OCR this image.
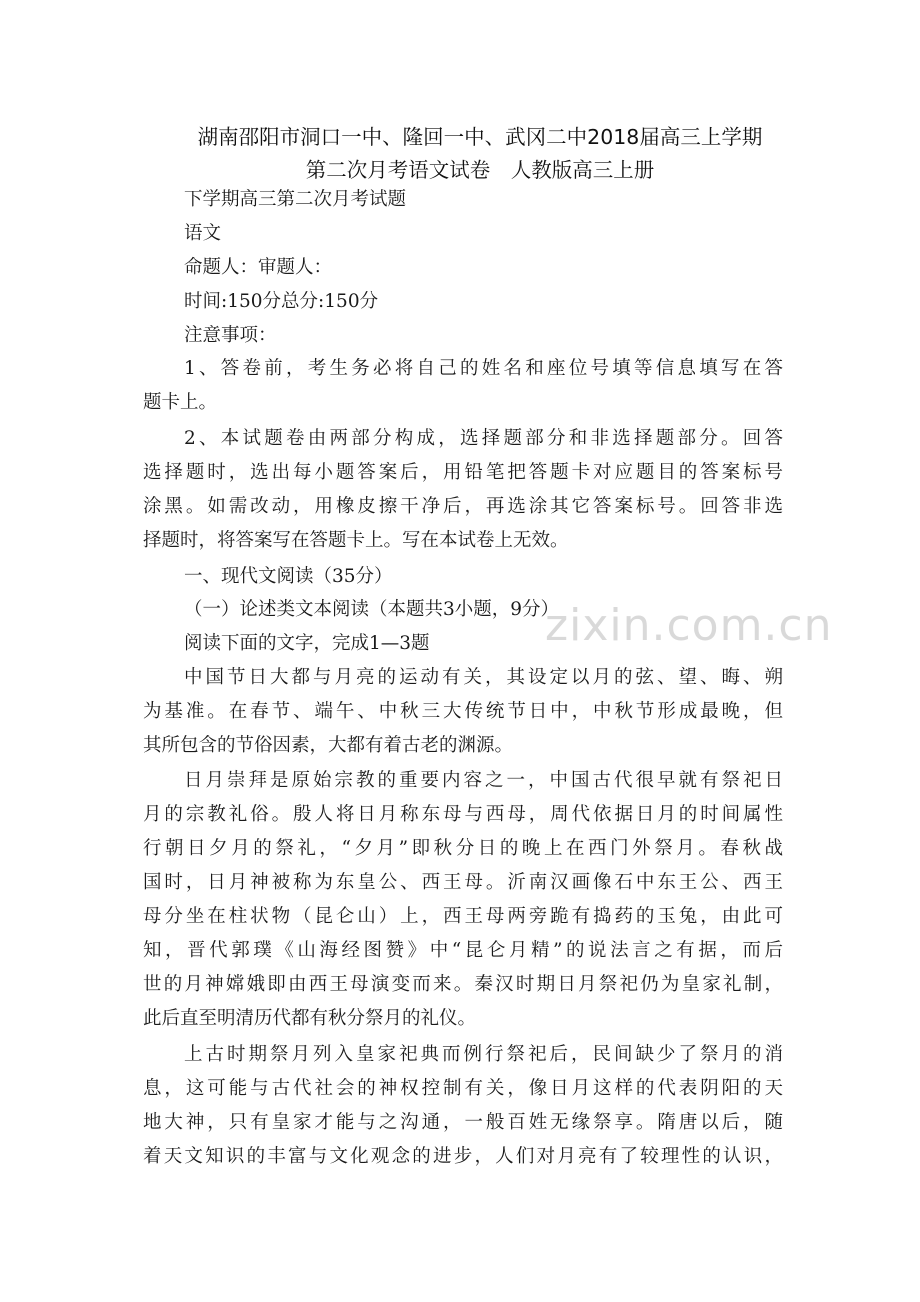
湖南邵阳市洞口一中、隆回一中、武冈二中2018届高三上学期
第二次月考语文试卷　人教版高三上册
下学期高三第二次月考试题
语文
命题人：审题人：
时间:150分总分:150分
注意事项：
1、答卷前，考生务必将自己的姓名和座位号填等信息填写在答
题卡上。
2、本试题卷由两部分构成，选择题部分和非选择题部分。回答
选择题时，选出每小题答案后，用铅笔把答题卡对应题目的答案标号
涂黑。如需改动，用橡皮擦干净后，再选涂其它答案标号。回答非选
择题时，将答案写在答题卡上。写在本试卷上无效。
一、现代文阅读（35分）
（一）论述类文本阅读（本题共3小题，9分）
阅读下面的文字，完成1—3题
中国节日大都与月亮的运动有关，其设定以月的弦、望、晦、朔
为基准。在春节、端午、中秋三大传统节日中，中秋节形成最晚，但
其所包含的节俗因素，大都有着古老的渊源。
日月崇拜是原始宗教的重要内容之一，中国古代很早就有祭祀日
月的宗教礼俗。殷人将日月称东母与西母，周代依据日月的时间属性
行朝日夕月的祭礼，“夕月”即秋分日的晚上在西门外祭月。春秋战
国时，日月神被称为东皇公、西王母。沂南汉画像石中东王公、西王
母分坐在柱状物（昆仑山）上，西王母两旁跪有捣药的玉兔，由此可
知，晋代郭璞《山海经图赞》中“昆仑月精”的说法言之有据，而后
世的月神嫦娥即由西王母演变而来。秦汉时期日月祭祀仍为皇家礼制，
此后直至明清历代都有秋分祭月的礼仪。
上古时期祭月列入皇家祀典而例行祭祀后，民间缺少了祭月的消
息，这可能与古代社会的神权控制有关，像日月这样的代表阴阳的天
地大神，只有皇家才能与之沟通，一般百姓无缘祭享。隋唐以后，随
着天文知识的丰富与文化观念的进步，人们对月亮有了较理性的认识，
zixin.com.cn
